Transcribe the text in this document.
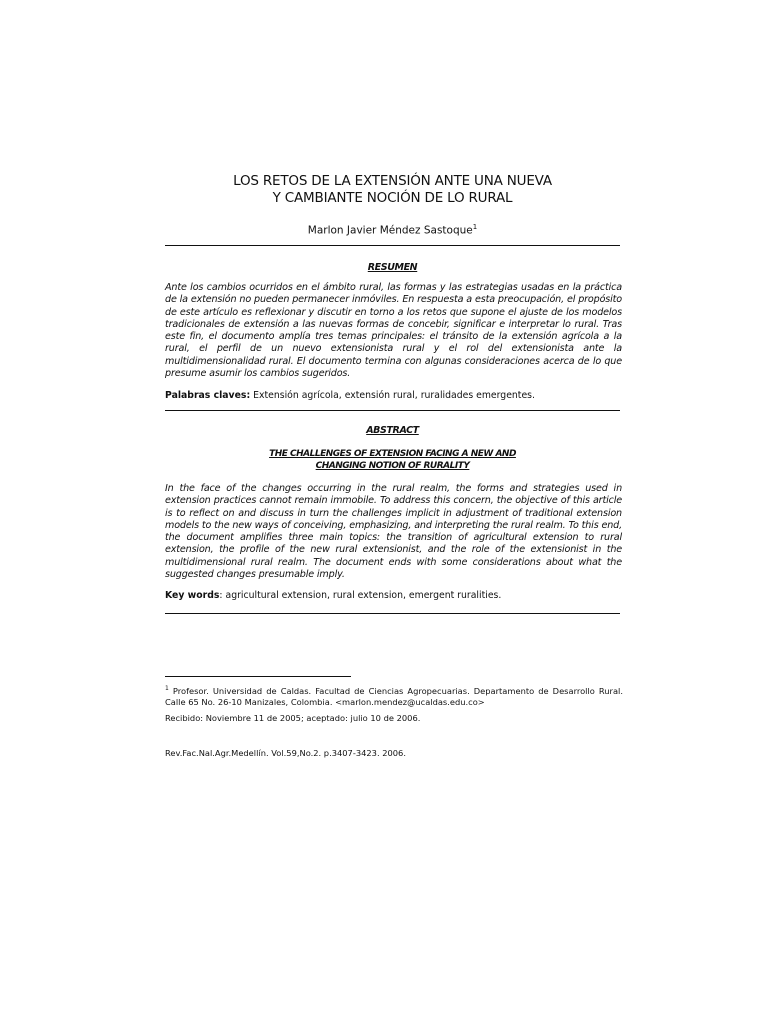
LOS RETOS DE LA EXTENSIÓN ANTE UNA NUEVA
Y CAMBIANTE NOCIÓN DE LO RURAL
Marlon Javier Méndez Sastoque$^1$
RESUMEN
Ante los cambios ocurridos en el ámbito rural, las formas y las estrategias usadas en la práctica de la extensión no pueden permanecer inmóviles. En respuesta a esta preocupación, el propósito de este artículo es reflexionar y discutir en torno a los retos que supone el ajuste de los modelos tradicionales de extensión a las nuevas formas de concebir, significar e interpretar lo rural. Tras este fin, el documento amplía tres temas principales: el tránsito de la extensión agrícola a la rural, el perfil de un nuevo extensionista rural y el rol del extensionista ante la multidimensionalidad rural. El documento termina con algunas consideraciones acerca de lo que presume asumir los cambios sugeridos.
Palabras claves: Extensión agrícola, extensión rural, ruralidades emergentes.
ABSTRACT
THE CHALLENGES OF EXTENSION FACING A NEW AND
CHANGING NOTION OF RURALITY
In the face of the changes occurring in the rural realm, the forms and strategies used in extension practices cannot remain immobile. To address this concern, the objective of this article is to reflect on and discuss in turn the challenges implicit in adjustment of traditional extension models to the new ways of conceiving, emphasizing, and interpreting the rural realm. To this end, the document amplifies three main topics: the transition of agricultural extension to rural extension, the profile of the new rural extensionist, and the role of the extensionist in the multidimensional rural realm. The document ends with some considerations about what the suggested changes presumable imply.
Key words: agricultural extension, rural extension, emergent ruralities.
$^1$ Profesor. Universidad de Caldas. Facultad de Ciencias Agropecuarias. Departamento de Desarrollo Rural. Calle 65 No. 26-10 Manizales, Colombia. <marlon.mendez@ucaldas.edu.co>
Recibido: Noviembre 11 de 2005; aceptado: julio 10 de 2006.
Rev.Fac.Nal.Agr.Medellín. Vol.59,No.2. p.3407-3423. 2006.
